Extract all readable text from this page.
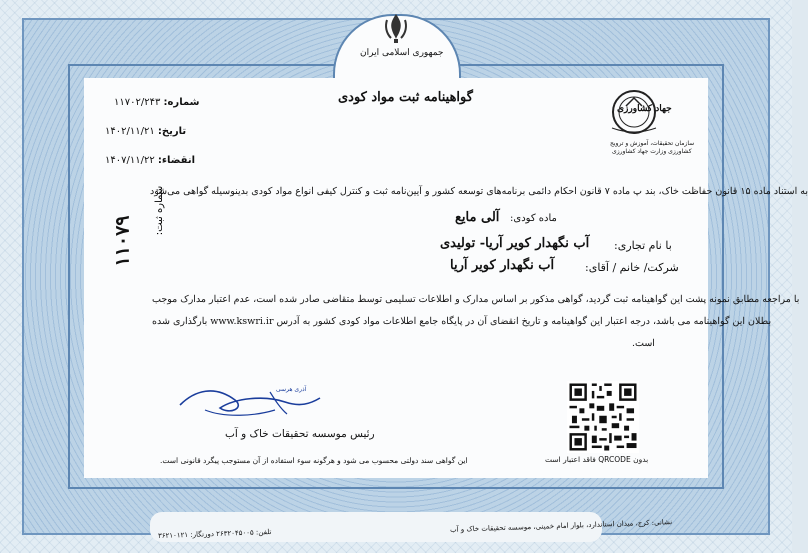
جمهوری اسلامی ایران
گواهینامه ثبت مواد کودی
شماره: ۱۱۷۰۲/۲۴۳
تاریخ: ۱۴۰۲/۱۱/۲۱
انقضاء: ۱۴۰۷/۱۱/۲۲
جهاد کشاورزی
سازمان تحقیقات، آموزش و ترویج
کشاورزی وزارت جهاد کشاورزی
به استناد ماده ۱۵ قانون حفاظت خاک، بند پ ماده ۷ قانون احکام دائمی برنامه‌های توسعه کشور و آیین‌نامه ثبت و کنترل کیفی انواع مواد کودی بدینوسیله گواهی می‌شود
ماده کودی:
آلی مایع
با نام تجاری:
آب نگهدار کویر آریا- تولیدی
شرکت/ خانم / آقای:
آب نگهدار کویر آریا
با مراجعه مطابق نمونه پشت این گواهینامه ثبت گردید، گواهی مذکور بر اساس مدارک و اطلاعات تسلیمی توسط متقاضی صادر شده است، عدم اعتبار مدارک موجب
بطلان این گواهینامه می باشد، درجه اعتبار این گواهینامه و تاریخ انقضای آن در پایگاه جامع اطلاعات مواد کودی کشور به آدرس www.kswri.ir بارگذاری شده
است.
شماره ثبت:
۱۱۰۷۹
آذری هرسی
رئیس موسسه تحقیقات خاک و آب
این گواهی سند دولتی محسوب می شود و هرگونه سوء استفاده از آن مستوجب پیگرد قانونی است.	بدون QRCODE فاقد اعتبار است
نشانی: کرج، میدان استاندارد، بلوار امام خمینی، موسسه تحقیقات خاک و آب
تلفن: ۲۶۳۲۰۴۵۰۰۵ دورنگار: ۳۶۲۱۰۱۲۱
